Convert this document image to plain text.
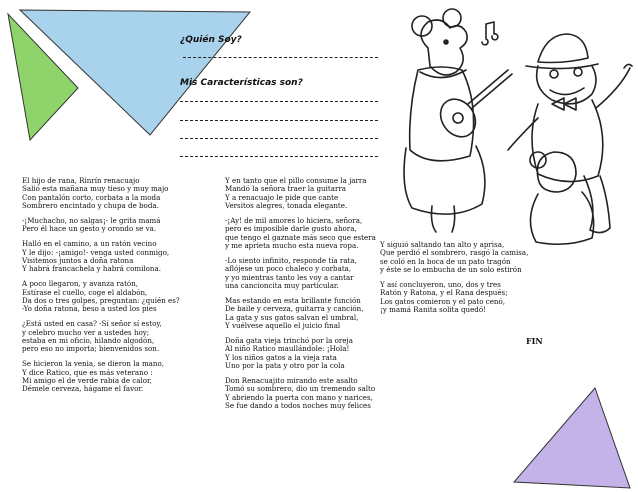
¿Quién Soy?
Mis Características son?

El hijo de rana, Rinrín renacuajo
Salió esta mañana muy tieso y muy majo
Con pantalón corto, corbata a la moda
Sombrero encintado y chupa de boda.

-¡Muchacho, no salgas¡- le grita mamá
Pero él hace un gesto y orondo se va.

Halló en el camino, a un ratón vecino
Y le dijo: -¡amigo!- venga usted conmigo,
Visitemos juntos a doña ratona
Y habrá francachela y habrá comilona.

A poco llegaron, y avanza ratón,
Estírase el cuello, coge el aldabón,
Da dos o tres golpes, preguntan: ¿quién es?
-Yo doña ratona, beso a usted los pies

¿Está usted en casa? -Sí señor sí estoy,
y celebro mucho ver a ustedes hoy;
estaba en mi oficio, hilando algodón,
pero eso no importa; bienvenidos son.

Se hicieron la venia, se dieron la mano,
Y dice Ratico, que es más veterano :
Mi amigo el de verde rabia de calor,
Démele cerveza, hágame el favor.

Y en tanto que el pillo consume la jarra
Mandó la señora traer la guitarra
Y a renacuajo le pide que cante
Versitos alegres, tonada elegante.

-¡Ay! de mil amores lo hiciera, señora,
pero es imposible darle gusto ahora,
que tengo el gaznate más seco que estera
y me aprieta mucho esta nueva ropa.

-Lo siento infinito, responde tía rata,
aflójese un poco chaleco y corbata,
y yo mientras tanto les voy a cantar
una cancioncita muy particular.

Mas estando en esta brillante función
De baile y cerveza, guitarra y canción,
La gata y sus gatos salvan el umbral,
Y vuélvese aquello el juicio final

Doña gata vieja trinchó por la oreja
Al niño Ratico maullándole: ¡Hola!
Y los niños gatos a la vieja rata
Uno por la pata y otro por la cola

Don Renacuajito mirando este asalto
Tomó su sombrero, dio un tremendo salto
Y abriendo la puerta con mano y narices,
Se fue dando a todos noches muy felices

Y siguió saltando tan alto y aprisa,
Que perdió el sombrero, rasgó la camisa,
se coló en la boca de un pato tragón
y éste se lo embucha de un solo estirón

Y así concluyeron, uno, dos y tres
Ratón y Ratona, y el Rana después;
Los gatos comieron y el pato cenó,
¡y mamá Ranita solita quedó!

FIN
